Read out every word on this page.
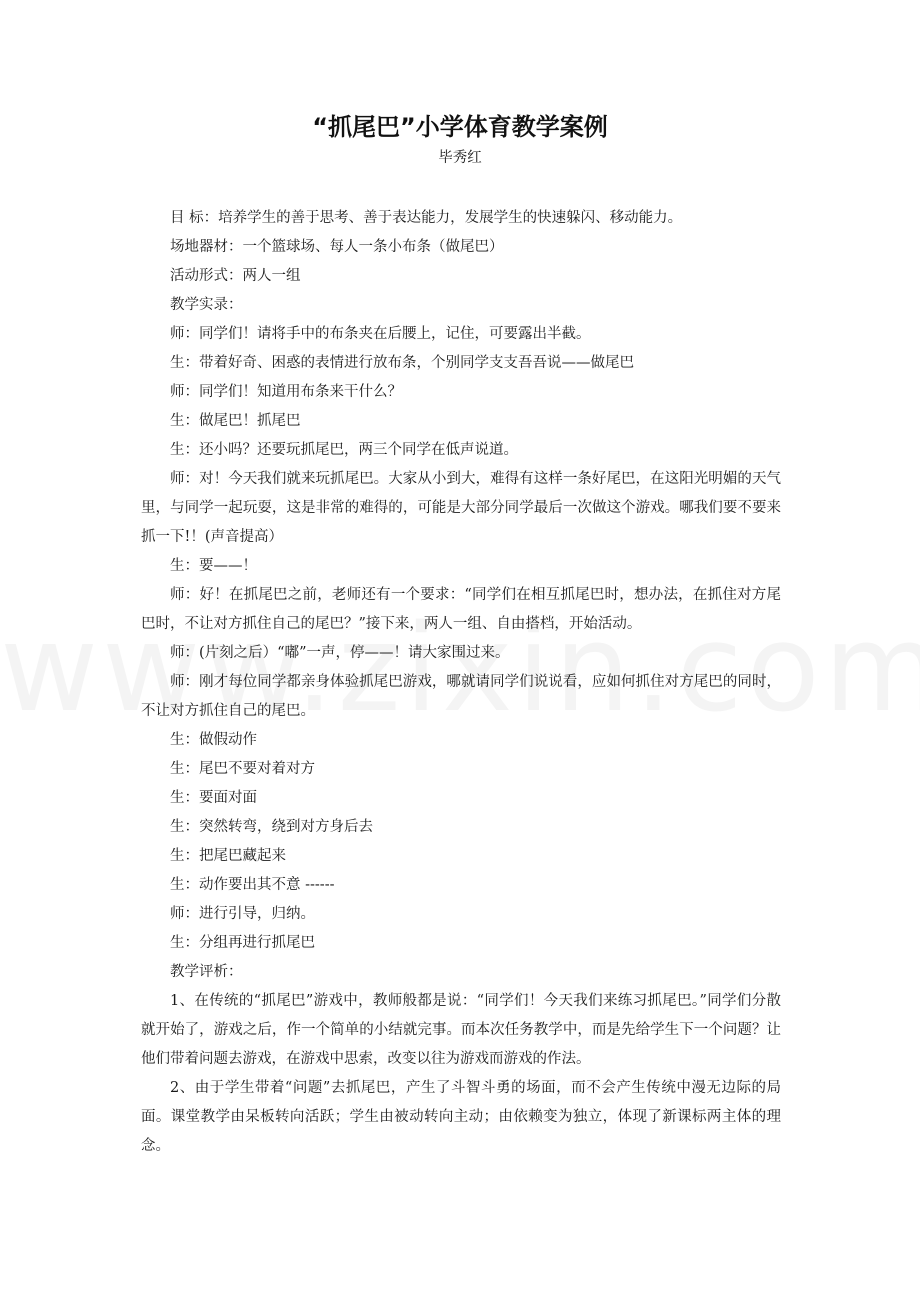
“抓尾巴”小学体育教学案例
毕秀红

目 标：培养学生的善于思考、善于表达能力，发展学生的快速躲闪、移动能力。

场地器材：一个篮球场、每人一条小布条（做尾巴）

活动形式：两人一组

教学实录：

师：同学们！请将手中的布条夹在后腰上，记住，可要露出半截。

生：带着好奇、困惑的表情进行放布条，个别同学支支吾吾说——做尾巴

师：同学们！知道用布条来干什么？

生：做尾巴！抓尾巴

生：还小吗？还要玩抓尾巴，两三个同学在低声说道。

师：对！今天我们就来玩抓尾巴。大家从小到大，难得有这样一条好尾巴，在这阳光明媚的天气里，与同学一起玩耍，这是非常的难得的，可能是大部分同学最后一次做这个游戏。哪我们要不要来抓一下!！(声音提高）

生：要——！

师：好！在抓尾巴之前，老师还有一个要求：“同学们在相互抓尾巴时，想办法，在抓住对方尾巴时，不让对方抓住自己的尾巴？”接下来，两人一组、自由搭档，开始活动。

师：(片刻之后）“嘟”一声，停——！请大家围过来。

师：刚才每位同学都亲身体验抓尾巴游戏，哪就请同学们说说看，应如何抓住对方尾巴的同时，不让对方抓住自己的尾巴。

生：做假动作

生：尾巴不要对着对方

生：要面对面

生：突然转弯，绕到对方身后去

生：把尾巴藏起来

生：动作要出其不意 ------

师：进行引导，归纳。

生：分组再进行抓尾巴

教学评析：

1、在传统的“抓尾巴”游戏中，教师般都是说：“同学们！今天我们来练习抓尾巴。”同学们分散就开始了，游戏之后，作一个简单的小结就完事。而本次任务教学中，而是先给学生下一个问题？让他们带着问题去游戏，在游戏中思索，改变以往为游戏而游戏的作法。

2、由于学生带着“问题”去抓尾巴，产生了斗智斗勇的场面，而不会产生传统中漫无边际的局面。课堂教学由呆板转向活跃；学生由被动转向主动；由依赖变为独立，体现了新课标两主体的理念。
